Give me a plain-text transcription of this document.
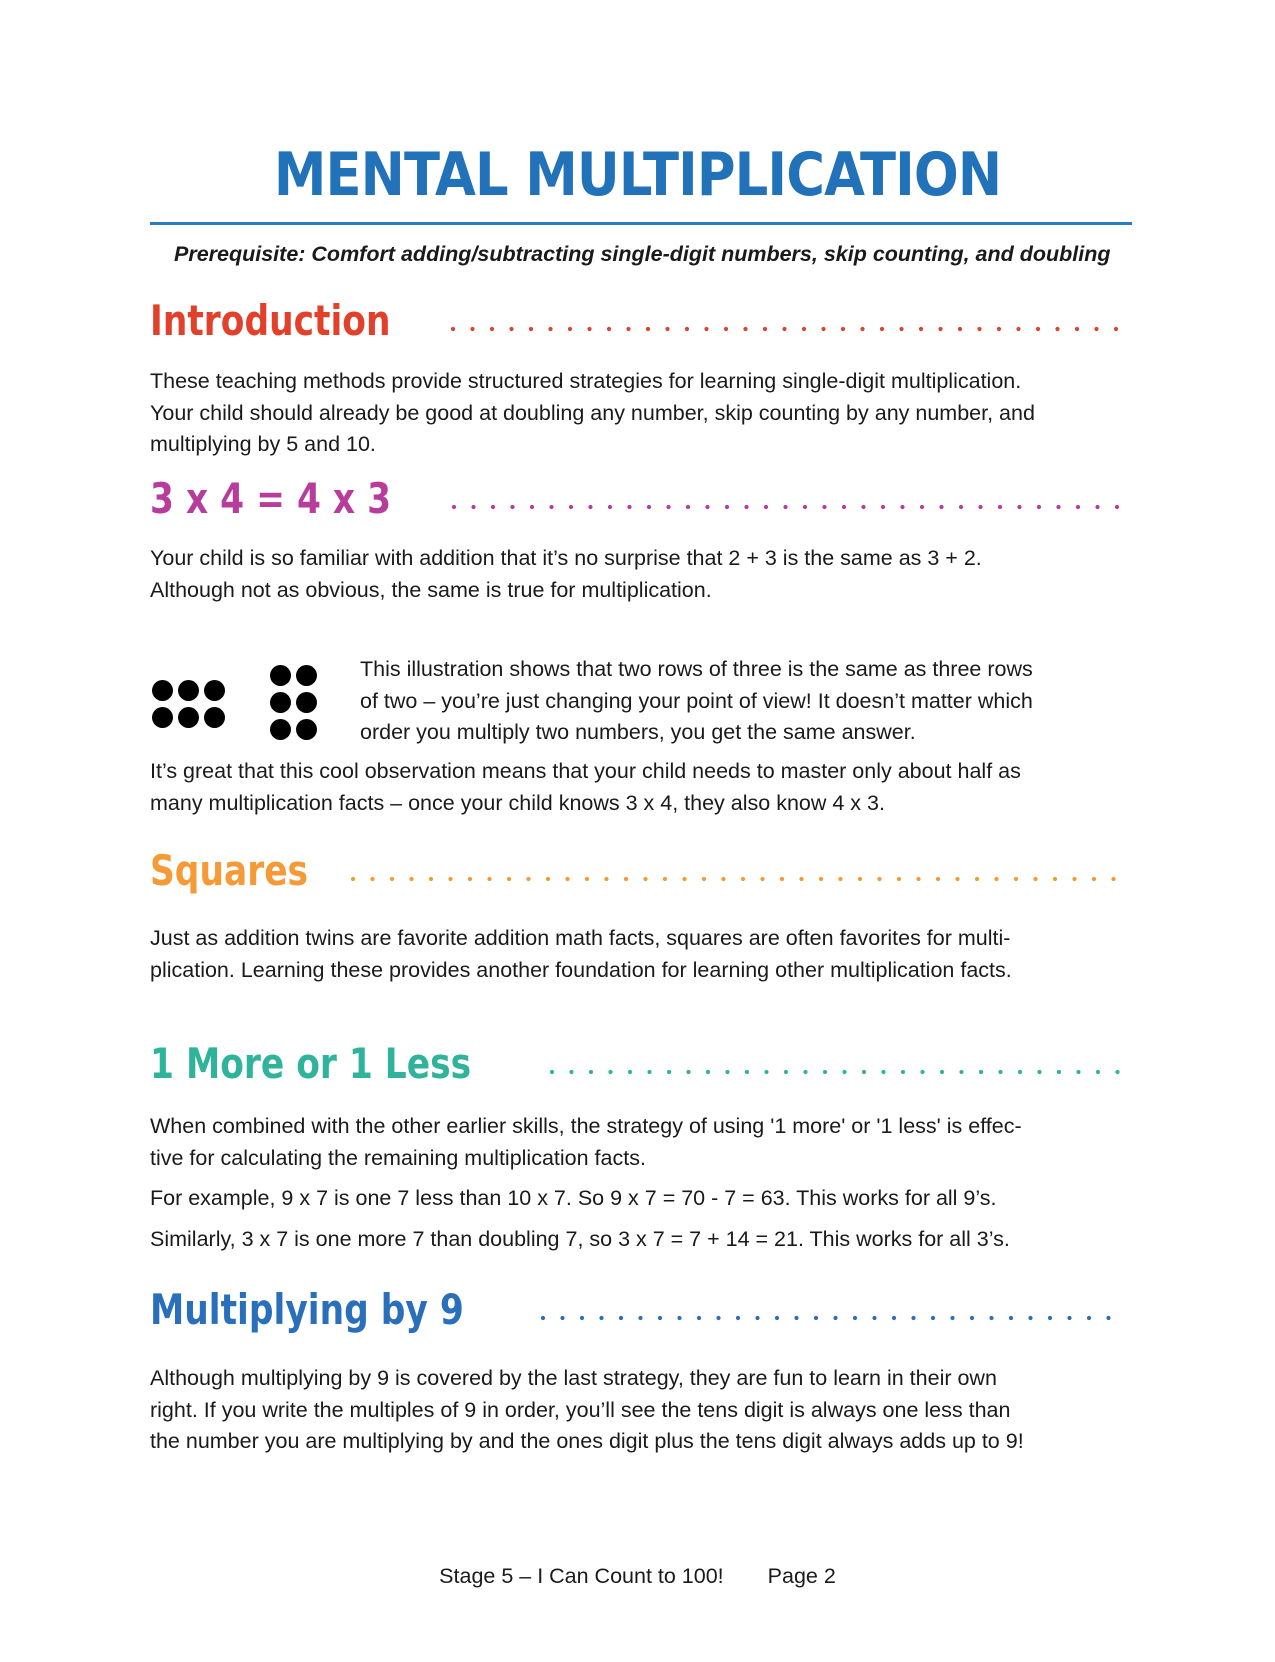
MENTAL MULTIPLICATION
Prerequisite: Comfort adding/subtracting single-digit numbers, skip counting, and doubling
Introduction

These teaching methods provide structured strategies for learning single-digit multiplication.

Your child should already be good at doubling any number, skip counting by any number, and

multiplying by 5 and 10.

3 x 4 = 4 x 3

Your child is so familiar with addition that it’s no surprise that 2 + 3 is the same as 3 + 2.

Although not as obvious, the same is true for multiplication.

This illustration shows that two rows of three is the same as three rows

of two – you’re just changing your point of view! It doesn’t matter which

order you multiply two numbers, you get the same answer.

It’s great that this cool observation means that your child needs to master only about half as

many multiplication facts – once your child knows 3 x 4, they also know 4 x 3.

Squares

Just as addition twins are favorite addition math facts, squares are often favorites for multi-

plication. Learning these provides another foundation for learning other multiplication facts.

1 More or 1 Less

When combined with the other earlier skills, the strategy of using '1 more' or '1 less' is effec-

tive for calculating the remaining multiplication facts.

For example, 9 x 7 is one 7 less than 10 x 7. So 9 x 7 = 70 - 7 = 63. This works for all 9’s.

Similarly, 3 x 7 is one more 7 than doubling 7, so 3 x 7 = 7 + 14 = 21. This works for all 3’s.

Multiplying by 9

Although multiplying by 9 is covered by the last strategy, they are fun to learn in their own

right. If you write the multiples of 9 in order, you’ll see the tens digit is always one less than

the number you are multiplying by and the ones digit plus the tens digit always adds up to 9!

Stage 5 – I Can Count to 100! Page 2
